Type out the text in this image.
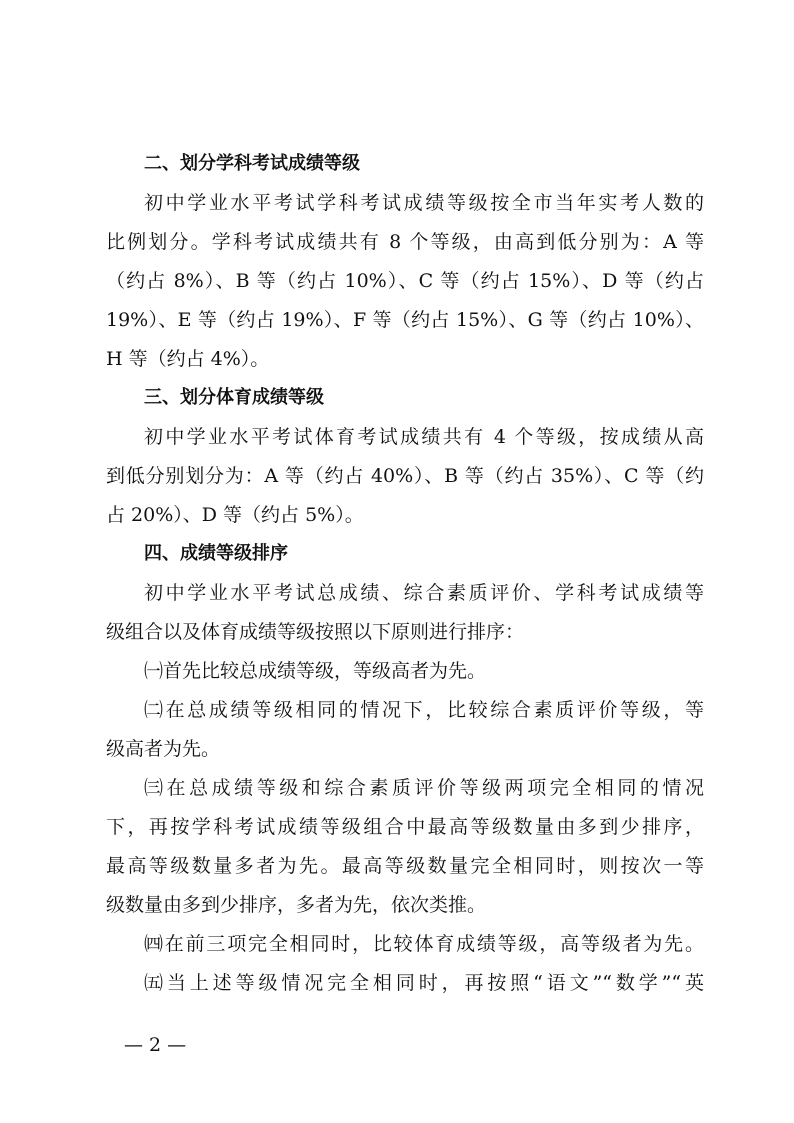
二、划分学科考试成绩等级
初中学业水平考试学科考试成绩等级按全市当年实考人数的
比例划分。学科考试成绩共有 8 个等级，由高到低分别为：A 等
（约占 8%）、B 等（约占 10%）、C 等（约占 15%）、D 等（约占
19%）、E 等（约占 19%）、F 等（约占 15%）、G 等（约占 10%）、
H 等（约占 4%）。
三、划分体育成绩等级
初中学业水平考试体育考试成绩共有 4 个等级，按成绩从高
到低分别划分为：A 等（约占 40%）、B 等（约占 35%）、C 等（约
占 20%）、D 等（约占 5%）。
四、成绩等级排序
初中学业水平考试总成绩、综合素质评价、学科考试成绩等
级组合以及体育成绩等级按照以下原则进行排序：
㈠首先比较总成绩等级，等级高者为先。
㈡在总成绩等级相同的情况下，比较综合素质评价等级，等
级高者为先。
㈢在总成绩等级和综合素质评价等级两项完全相同的情况
下，再按学科考试成绩等级组合中最高等级数量由多到少排序，
最高等级数量多者为先。最高等级数量完全相同时，则按次一等
级数量由多到少排序，多者为先，依次类推。
㈣在前三项完全相同时，比较体育成绩等级，高等级者为先。
㈤当上述等级情况完全相同时，再按照“语文”“数学”“英
— 2 —
